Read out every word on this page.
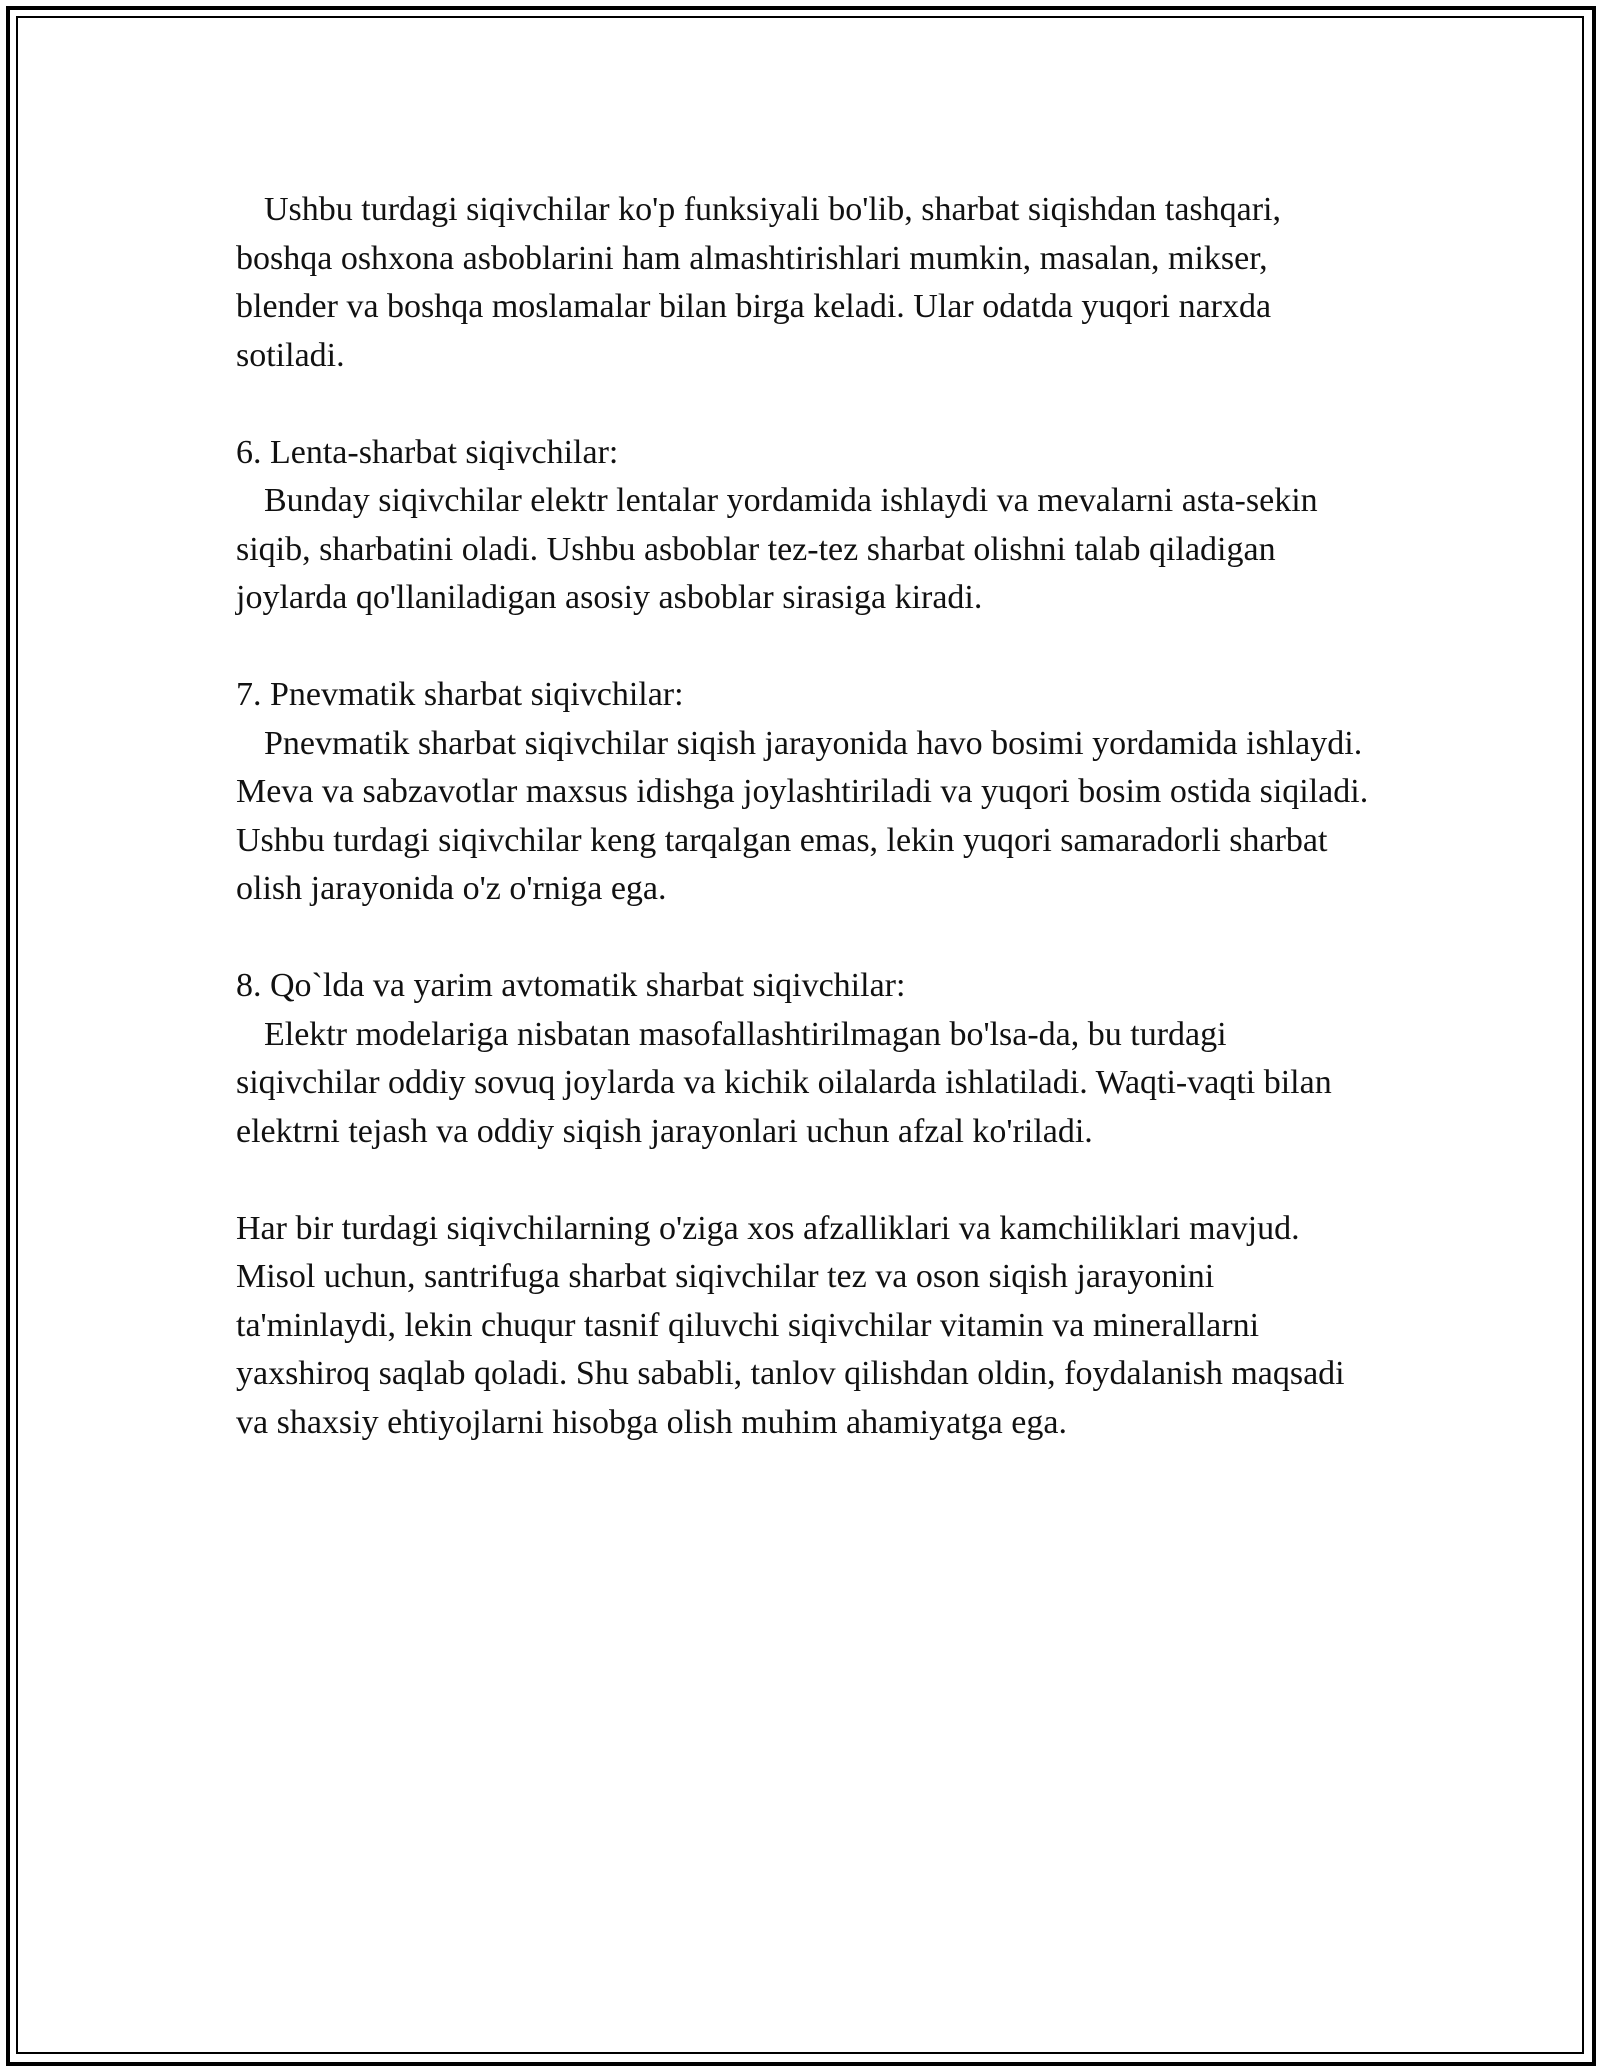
Ushbu turdagi siqivchilar ko'p funksiyali bo'lib, sharbat siqishdan tashqari, boshqa oshxona asboblarini ham almashtirishlari mumkin, masalan, mikser, blender va boshqa moslamalar bilan birga keladi. Ular odatda yuqori narxda sotiladi.

6. Lenta-sharbat siqivchilar:
Bunday siqivchilar elektr lentalar yordamida ishlaydi va mevalarni asta-sekin siqib, sharbatini oladi. Ushbu asboblar tez-tez sharbat olishni talab qiladigan joylarda qo'llaniladigan asosiy asboblar sirasiga kiradi.
7. Pnevmatik sharbat siqivchilar:
Pnevmatik sharbat siqivchilar siqish jarayonida havo bosimi yordamida ishlaydi. Meva va sabzavotlar maxsus idishga joylashtiriladi va yuqori bosim ostida siqiladi. Ushbu turdagi siqivchilar keng tarqalgan emas, lekin yuqori samaradorli sharbat olish jarayonida o'z o'rniga ega.
8. Qo`lda va yarim avtomatik sharbat siqivchilar:
Elektr modelariga nisbatan masofallashtirilmagan bo'lsa-da, bu turdagi siqivchilar oddiy sovuq joylarda va kichik oilalarda ishlatiladi. Waqti-vaqti bilan elektrni tejash va oddiy siqish jarayonlari uchun afzal ko'riladi.

Har bir turdagi siqivchilarning o'ziga xos afzalliklari va kamchiliklari mavjud. Misol uchun, santrifuga sharbat siqivchilar tez va oson siqish jarayonini ta'minlaydi, lekin chuqur tasnif qiluvchi siqivchilar vitamin va minerallarni yaxshiroq saqlab qoladi. Shu sababli, tanlov qilishdan oldin, foydalanish maqsadi va shaxsiy ehtiyojlarni hisobga olish muhim ahamiyatga ega.
